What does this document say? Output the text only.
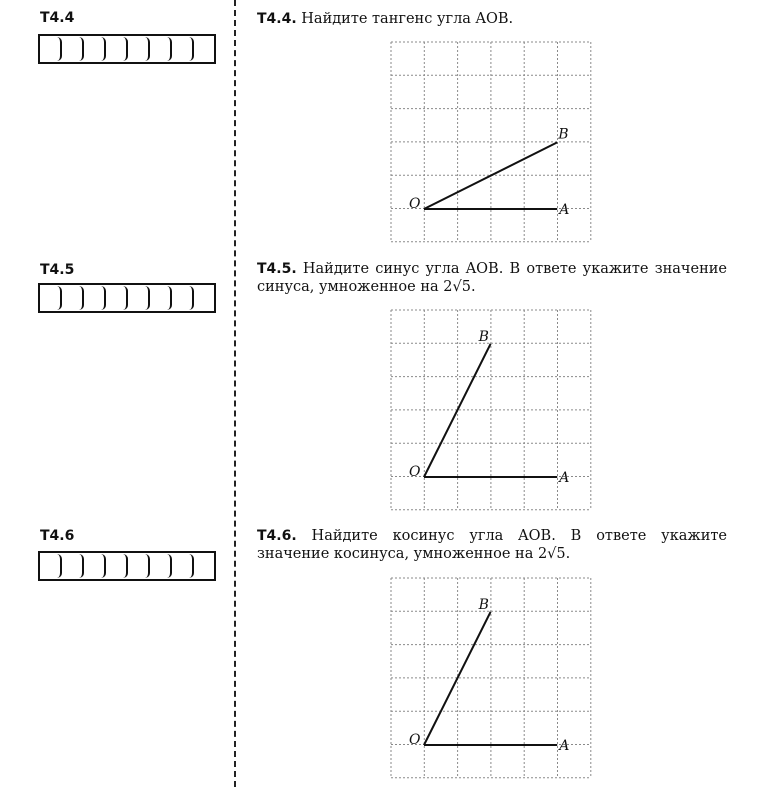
T4.4	T4.4. Найдите тангенс угла AOB.
O	A
B
T4.5	T4.5. Найдите синус угла AOB. В ответе укажите значение синуса, умноженное на 2√5.
O	A
B
T4.6	T4.6. Найдите косинус угла AOB. В ответе укажите значение косинуса, умноженное на 2√5.
O	A
B
